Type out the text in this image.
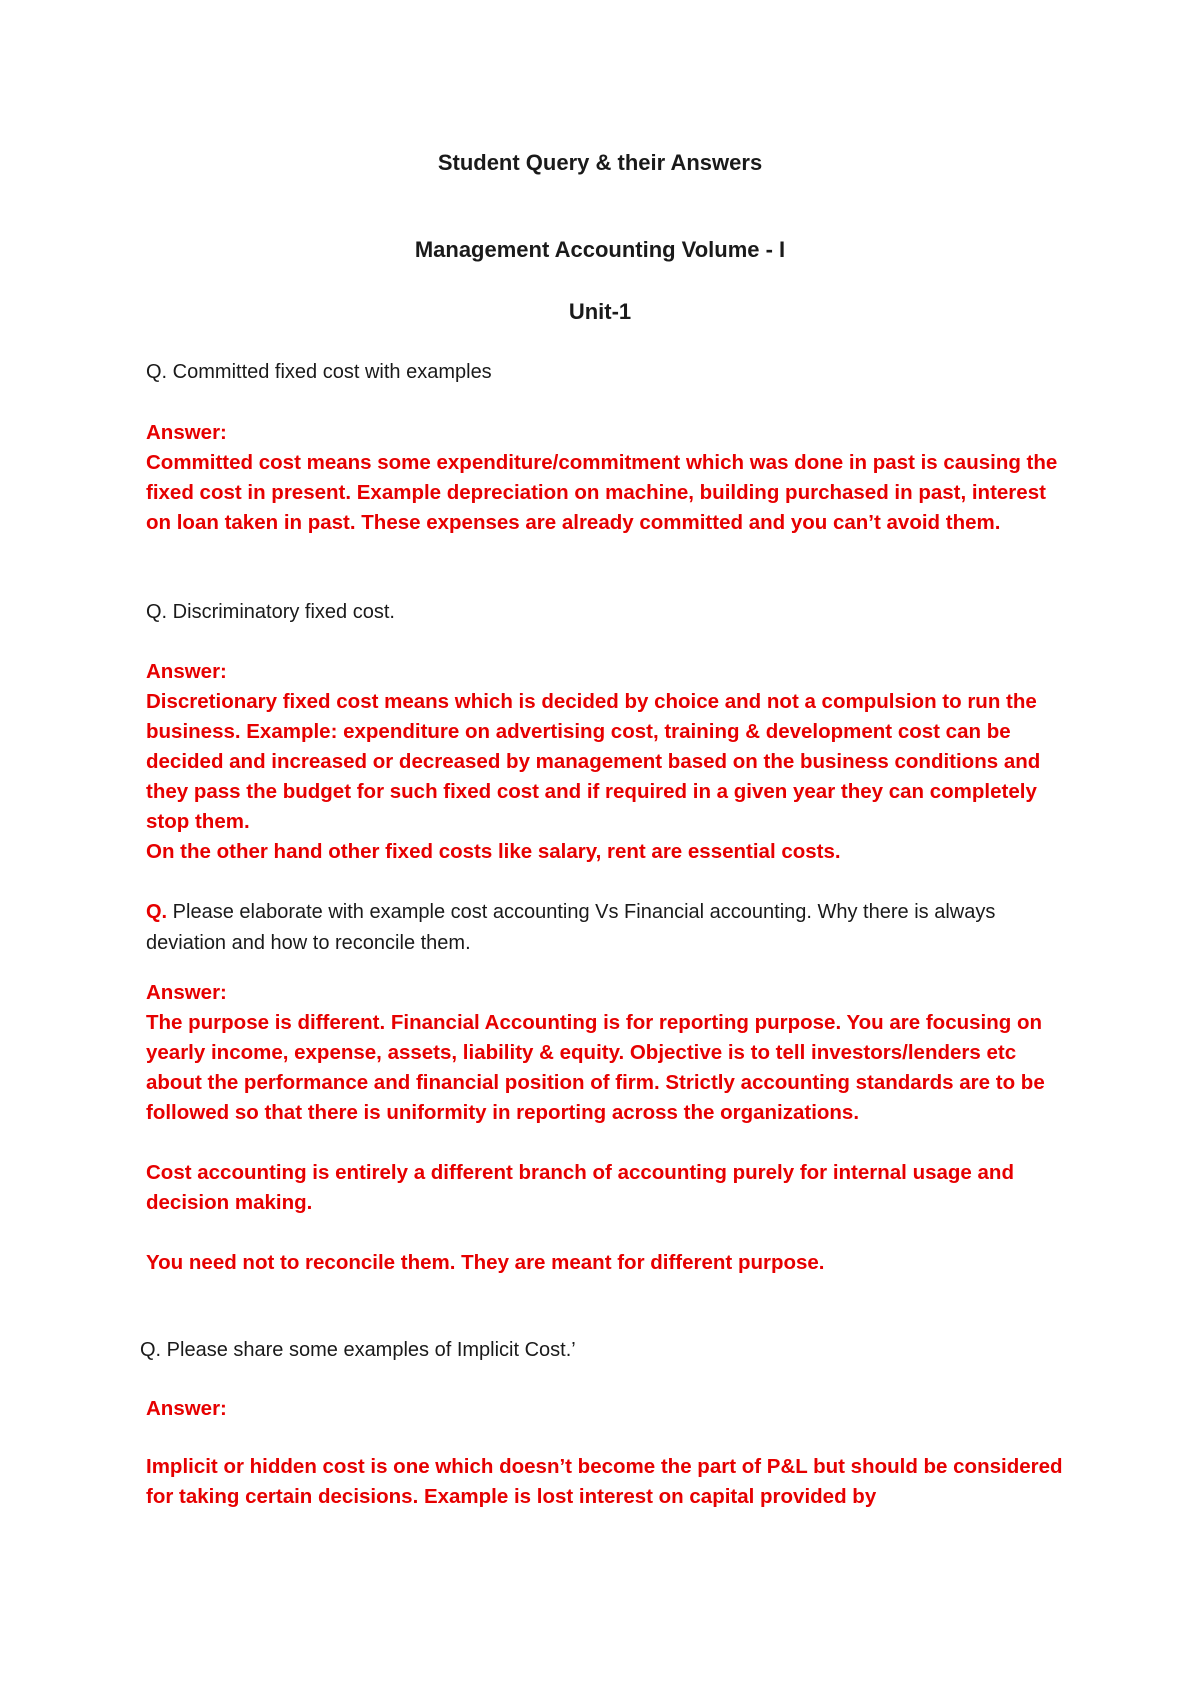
Student Query & their Answers
Management Accounting Volume - I
Unit-1
Q. Committed fixed cost with examples

Answer:

Committed cost means some expenditure/commitment which was done in past is causing the fixed cost in present. Example depreciation on machine, building purchased in past, interest on loan taken in past. These expenses are already committed and you can’t avoid them.

Q. Discriminatory fixed cost.

Answer:

Discretionary fixed cost means which is decided by choice and not a compulsion to run the business. Example: expenditure on advertising cost, training & development cost can be decided and increased or decreased by management based on the business conditions and they pass the budget for such fixed cost and if required in a given year they can completely stop them.

On the other hand other fixed costs like salary, rent are essential costs.

Q. Please elaborate with example cost accounting Vs Financial accounting. Why there is always deviation and how to reconcile them.

Answer:

The purpose is different. Financial Accounting is for reporting purpose. You are focusing on yearly income, expense, assets, liability & equity. Objective is to tell investors/lenders etc about the performance and financial position of firm. Strictly accounting standards are to be followed so that there is uniformity in reporting across the organizations.

Cost accounting is entirely a different branch of accounting purely for internal usage and decision making.

You need not to reconcile them. They are meant for different purpose.

Q. Please share some examples of Implicit Cost.’

Answer:

Implicit or hidden cost is one which doesn’t become the part of P&L but should be considered for taking certain decisions. Example is lost interest on capital provided by
